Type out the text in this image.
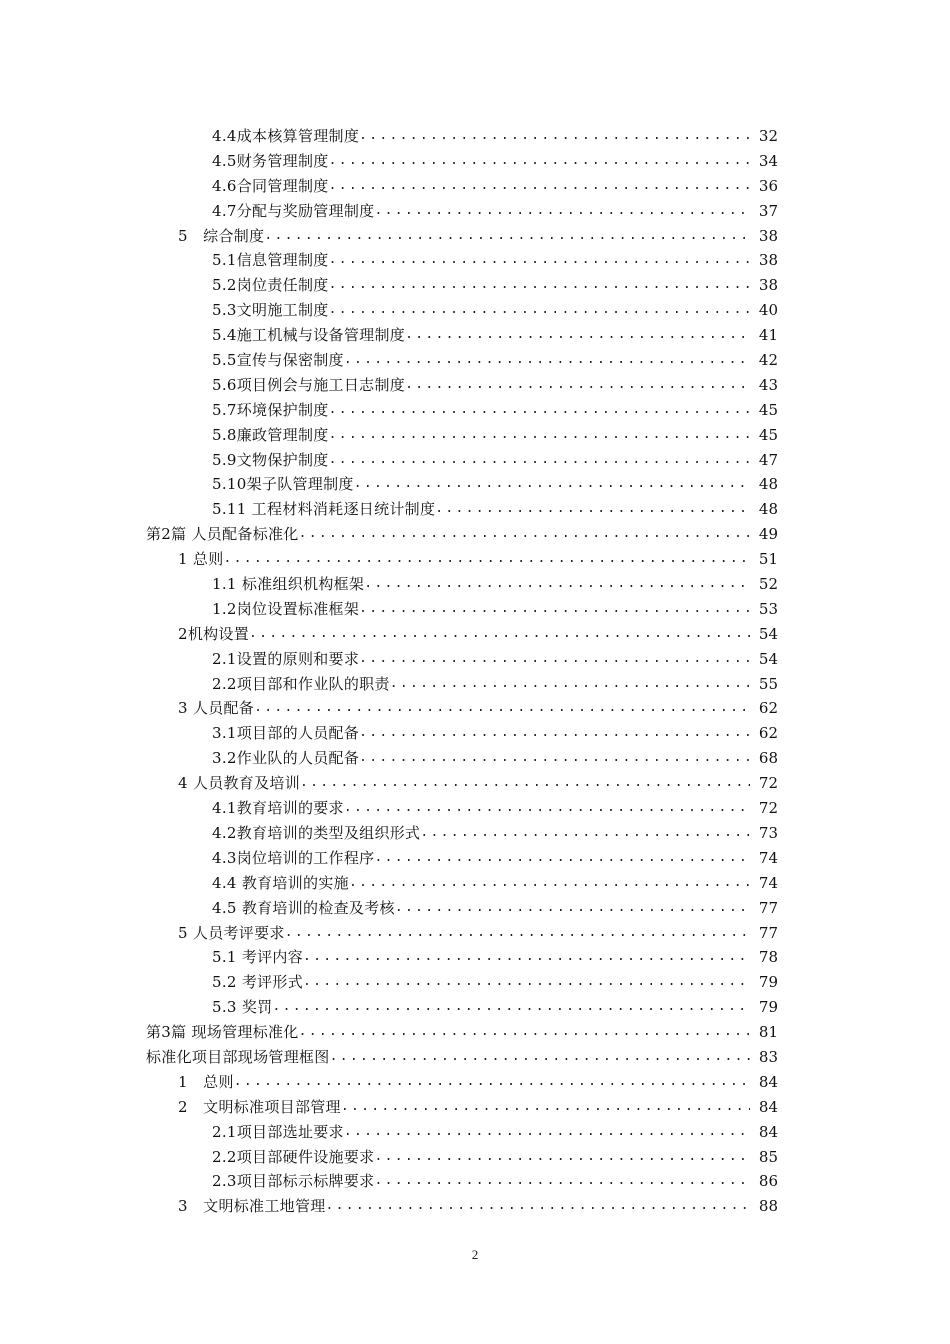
4.4成本核算管理制度 .....	32
4.5财务管理制度 .....	34
4.6合同管理制度 .....	36
4.7分配与奖励管理制度 .....	37
5　综合制度 .....	38
5.1信息管理制度 .....	38
5.2岗位责任制度 .....	38
5.3文明施工制度 .....	40
5.4施工机械与设备管理制度 .....	41
5.5宣传与保密制度 .....	42
5.6项目例会与施工日志制度 .....	43
5.7环境保护制度 .....	45
5.8廉政管理制度 .....	45
5.9文物保护制度 .....	47
5.10架子队管理制度 .....	48
5.11 工程材料消耗逐日统计制度 .....	48
第2篇 人员配备标准化 .....	49
1 总则 .....	51
1.1 标准组织机构框架 .....	52
1.2岗位设置标准框架 .....	53
2机构设置 .....	54
2.1设置的原则和要求 .....	54
2.2项目部和作业队的职责 .....	55
3 人员配备 .....	62
3.1项目部的人员配备 .....	62
3.2作业队的人员配备 .....	68
4 人员教育及培训 .....	72
4.1教育培训的要求 .....	72
4.2教育培训的类型及组织形式 .....	73
4.3岗位培训的工作程序 .....	74
4.4 教育培训的实施 .....	74
4.5 教育培训的检查及考核 .....	77
5 人员考评要求 .....	77
5.1 考评内容 .....	78
5.2 考评形式 .....	79
5.3 奖罚 .....	79
第3篇 现场管理标准化 .....	81
标准化项目部现场管理框图 .....	83
1　总则 .....	84
2　文明标准项目部管理 .....	84
2.1项目部选址要求 .....	84
2.2项目部硬件设施要求 .....	85
2.3项目部标示标牌要求 .....	86
3　文明标准工地管理 .....	88
2
